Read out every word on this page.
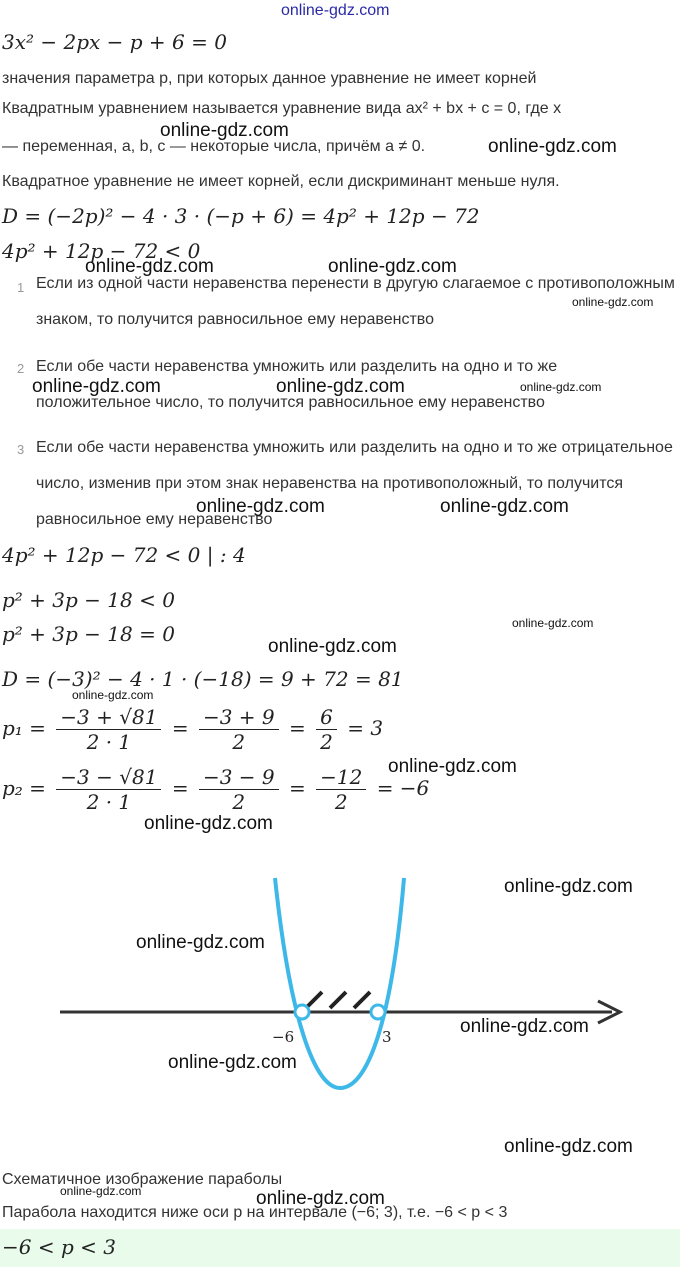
online-gdz.com
3x² − 2px − p + 6 = 0
значения параметра p, при которых данное уравнение не имеет корней
Квадратным уравнением называется уравнение вида ax² + bx + c = 0, где x
online-gdz.com
— переменная, a, b, c — некоторые числа, причём a ≠ 0.	online-gdz.com
Квадратное уравнение не имеет корней, если дискриминант меньше нуля.
D = (−2p)² − 4 · 3 · (−p + 6) = 4p² + 12p − 72
4p² + 12p − 72 < 0
online-gdz.com	online-gdz.com
1 Если из одной части неравенства перенести в другую слагаемое с противоположным знаком, то получится равносильное ему неравенство
online-gdz.com
2 Если обе части неравенства умножить или разделить на одно и то же положительное число, то получится равносильное ему неравенство
online-gdz.com	online-gdz.com	online-gdz.com
3 Если обе части неравенства умножить или разделить на одно и то же отрицательное число, изменив при этом знак неравенства на противоположный, то получится равносильное ему неравенство
online-gdz.com	online-gdz.com
4p² + 12p − 72 < 0 | : 4
p² + 3p − 18 < 0
online-gdz.com
p² + 3p − 18 = 0
online-gdz.com
D = (−3)² − 4 · 1 · (−18) = 9 + 72 = 81
online-gdz.com
$p_1 = \frac{-3 + √81}{2 \cdot 1} = \frac{-3 + 9}{2} = \frac{6}{2} = 3$
online-gdz.com
$p_2 = \frac{-3 - √81}{2 \cdot 1} = \frac{-3 - 9}{2} = \frac{-12}{2} = -6$
online-gdz.com
−6	3
online-gdz.com
online-gdz.com
online-gdz.com
online-gdz.com
online-gdz.com
Схематичное изображение параболы
online-gdz.com	online-gdz.com
Парабола находится ниже оси p на интервале (−6; 3), т.е. −6 < p < 3
−6 < p < 3
